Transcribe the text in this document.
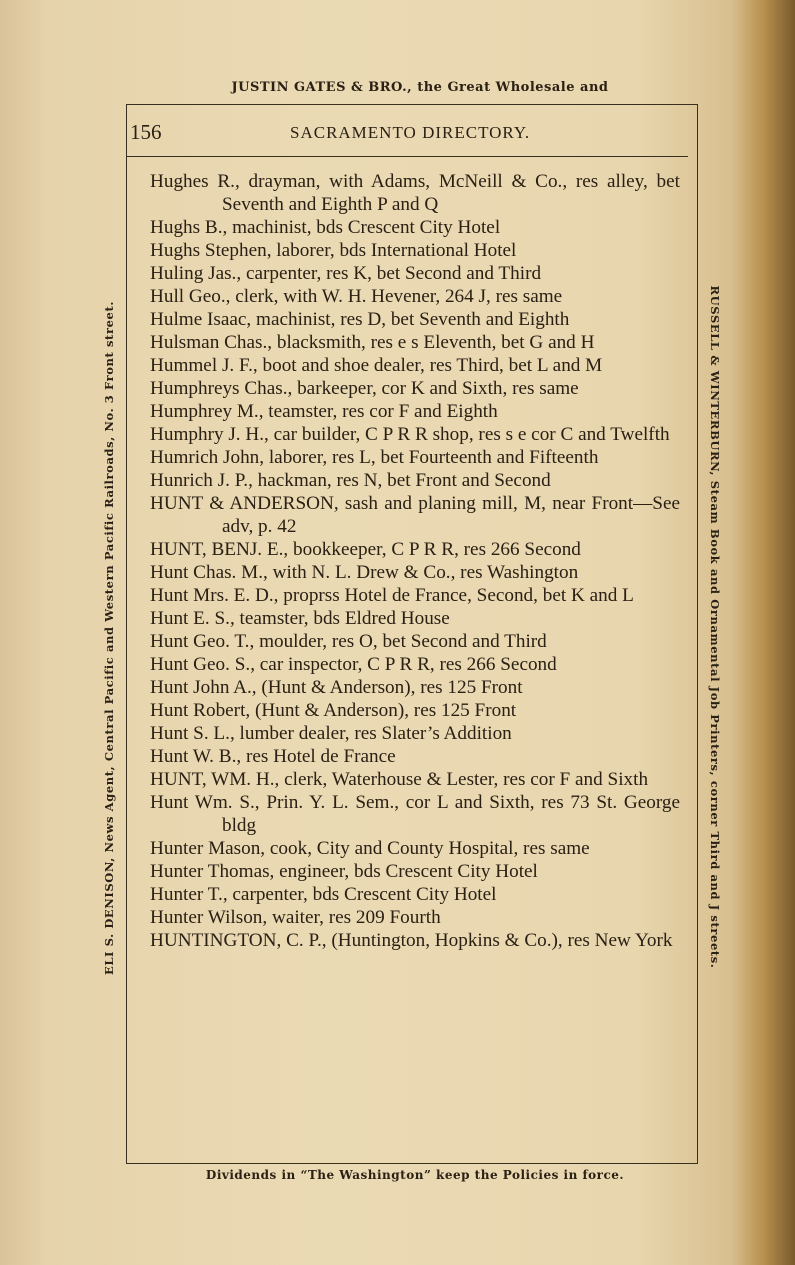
JUSTIN GATES & BRO., the Great Wholesale and
ELI S. DENISON, News Agent, Central Pacific and Western Pacific Railroads, No. 3 Front street.	RUSSELL & WINTERBURN, Steam Book and Ornamental Job Printers, corner Third and J streets.
156	SACRAMENTO DIRECTORY.
Hughes R., drayman, with Adams, McNeill & Co., res alley, bet Seventh and Eighth P and Q
Hughs B., machinist, bds Crescent City Hotel
Hughs Stephen, laborer, bds International Hotel
Huling Jas., carpenter, res K, bet Second and Third
Hull Geo., clerk, with W. H. Hevener, 264 J, res same
Hulme Isaac, machinist, res D, bet Seventh and Eighth
Hulsman Chas., blacksmith, res e s Eleventh, bet G and H
Hummel J. F., boot and shoe dealer, res Third, bet L and M
Humphreys Chas., barkeeper, cor K and Sixth, res same
Humphrey M., teamster, res cor F and Eighth
Humphry J. H., car builder, C P R R shop, res s e cor C and Twelfth
Humrich John, laborer, res L, bet Fourteenth and Fifteenth
Hunrich J. P., hackman, res N, bet Front and Second
HUNT & ANDERSON, sash and planing mill, M, near Front—See adv, p. 42
HUNT, BENJ. E., bookkeeper, C P R R, res 266 Second
Hunt Chas. M., with N. L. Drew & Co., res Washington
Hunt Mrs. E. D., proprss Hotel de France, Second, bet K and L
Hunt E. S., teamster, bds Eldred House
Hunt Geo. T., moulder, res O, bet Second and Third
Hunt Geo. S., car inspector, C P R R, res 266 Second
Hunt John A., (Hunt & Anderson), res 125 Front
Hunt Robert, (Hunt & Anderson), res 125 Front
Hunt S. L., lumber dealer, res Slater’s Addition
Hunt W. B., res Hotel de France
HUNT, WM. H., clerk, Waterhouse & Lester, res cor F and Sixth
Hunt Wm. S., Prin. Y. L. Sem., cor L and Sixth, res 73 St. George bldg
Hunter Mason, cook, City and County Hospital, res same
Hunter Thomas, engineer, bds Crescent City Hotel
Hunter T., carpenter, bds Crescent City Hotel
Hunter Wilson, waiter, res 209 Fourth
HUNTINGTON, C. P., (Huntington, Hopkins & Co.), res New York
Dividends in “The Washington” keep the Policies in force.
